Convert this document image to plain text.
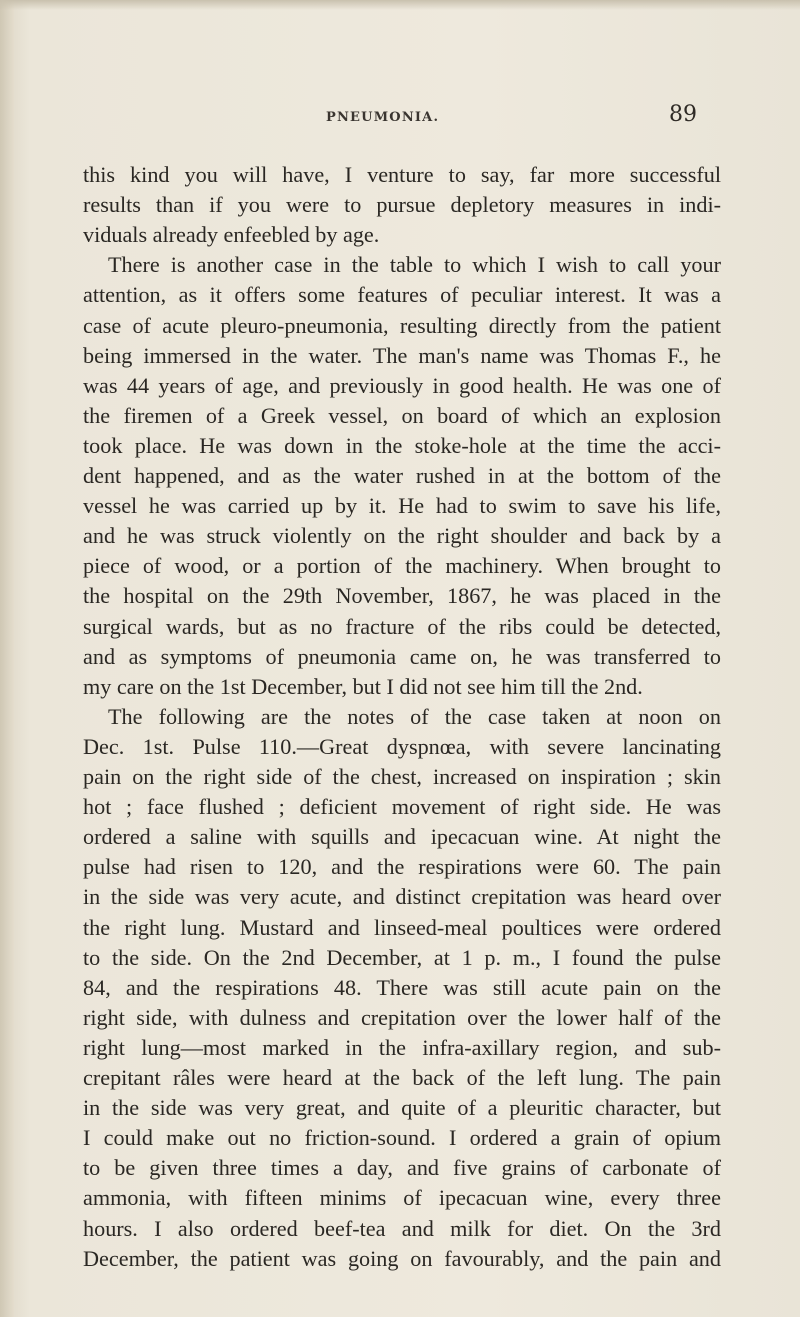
PNEUMONIA.	89
this kind you will have, I venture to say, far more successful
results than if you were to pursue depletory measures in indi-
viduals already enfeebled by age.
There is another case in the table to which I wish to call your
attention, as it offers some features of peculiar interest. It was a
case of acute pleuro-pneumonia, resulting directly from the patient
being immersed in the water. The man's name was Thomas F., he
was 44 years of age, and previously in good health. He was one of
the firemen of a Greek vessel, on board of which an explosion
took place. He was down in the stoke-hole at the time the acci-
dent happened, and as the water rushed in at the bottom of the
vessel he was carried up by it. He had to swim to save his life,
and he was struck violently on the right shoulder and back by a
piece of wood, or a portion of the machinery. When brought to
the hospital on the 29th November, 1867, he was placed in the
surgical wards, but as no fracture of the ribs could be detected,
and as symptoms of pneumonia came on, he was transferred to
my care on the 1st December, but I did not see him till the 2nd.
The following are the notes of the case taken at noon on
Dec. 1st. Pulse 110.—Great dyspnœa, with severe lancinating
pain on the right side of the chest, increased on inspiration ; skin
hot ; face flushed ; deficient movement of right side. He was
ordered a saline with squills and ipecacuan wine. At night the
pulse had risen to 120, and the respirations were 60. The pain
in the side was very acute, and distinct crepitation was heard over
the right lung. Mustard and linseed-meal poultices were ordered
to the side. On the 2nd December, at 1 p. m., I found the pulse
84, and the respirations 48. There was still acute pain on the
right side, with dulness and crepitation over the lower half of the
right lung—most marked in the infra-axillary region, and sub-
crepitant râles were heard at the back of the left lung. The pain
in the side was very great, and quite of a pleuritic character, but
I could make out no friction-sound. I ordered a grain of opium
to be given three times a day, and five grains of carbonate of
ammonia, with fifteen minims of ipecacuan wine, every three
hours. I also ordered beef-tea and milk for diet. On the 3rd
December, the patient was going on favourably, and the pain and
